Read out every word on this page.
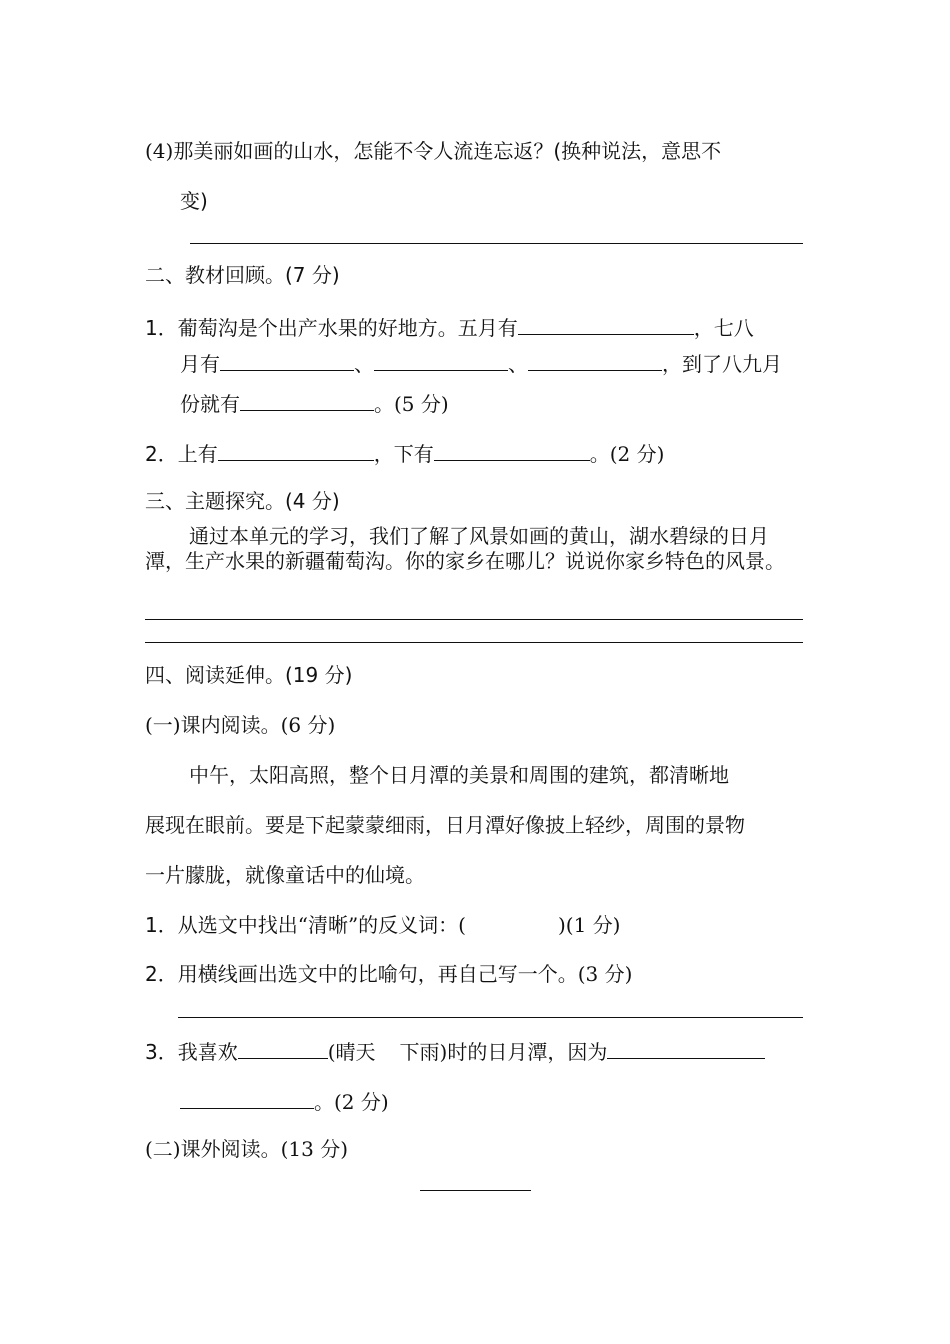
(4)那美丽如画的山水，怎能不令人流连忘返？(换种说法，意思不
变)
二、教材回顾。(7 分)
1．葡萄沟是个出产水果的好地方。五月有	，七八
月有	、	、	，到了八九月
份就有	。(5 分)
2．上有	，下有	。(2 分)
三、主题探究。(4 分)
通过本单元的学习，我们了解了风景如画的黄山，湖水碧绿的日月潭，生产水果的新疆葡萄沟。你的家乡在哪儿？说说你家乡特色的风景。
四、阅读延伸。(19 分)
(一)课内阅读。(6 分)
中午，太阳高照，整个日月潭的美景和周围的建筑，都清晰地
展现在眼前。要是下起蒙蒙细雨，日月潭好像披上轻纱，周围的景物
一片朦胧，就像童话中的仙境。
1．从选文中找出“清晰”的反义词：(	)(1 分)
2．用横线画出选文中的比喻句，再自己写一个。(3 分)
3．我喜欢	(晴天 下雨)时的日月潭，因为
。(2 分)
(二)课外阅读。(13 分)
